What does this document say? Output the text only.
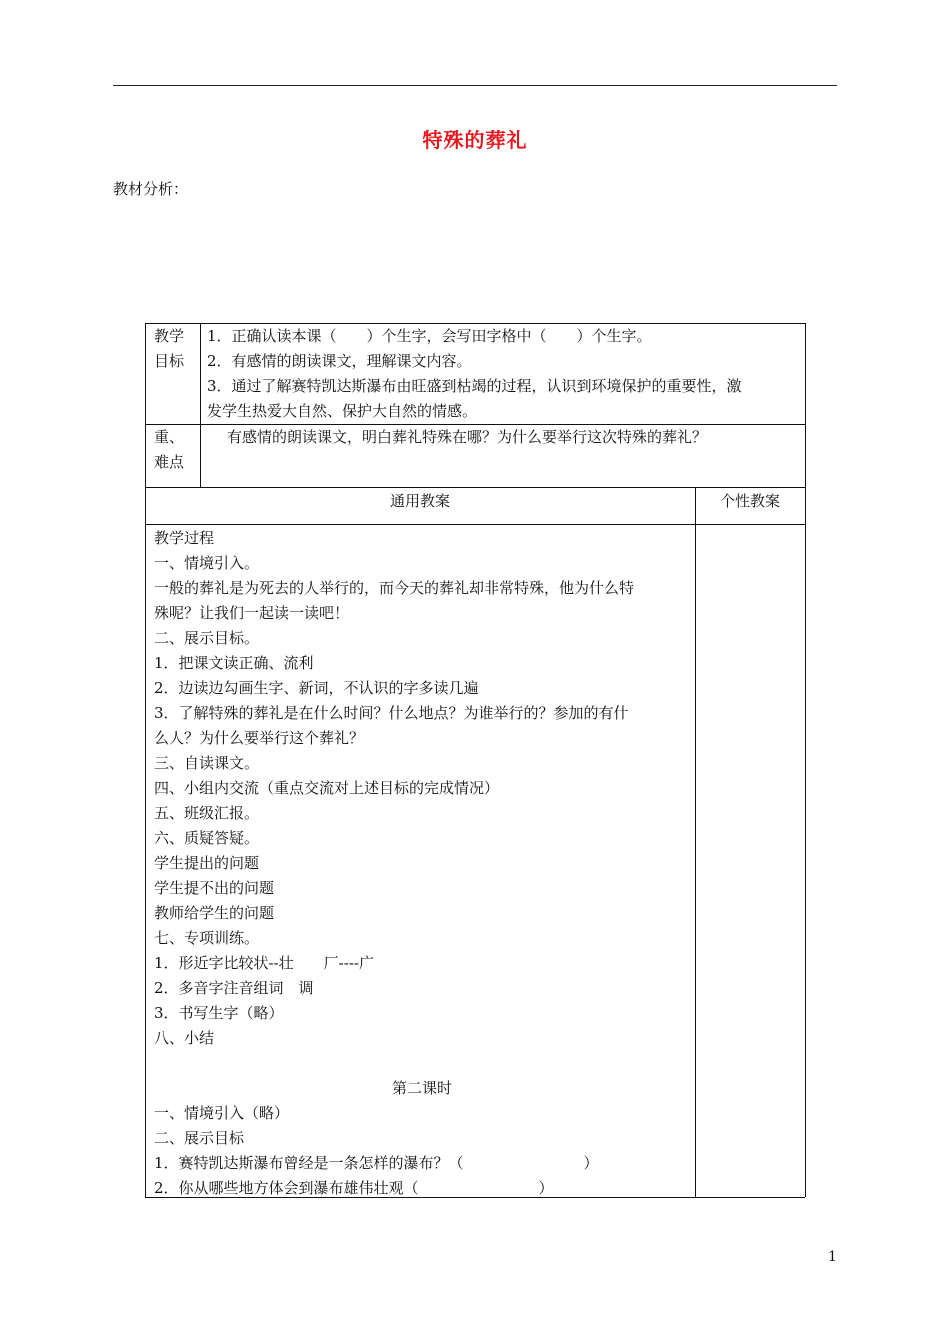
特殊的葬礼
教材分析：
教学
目标
1．正确认读本课（　　）个生字，会写田字格中（　　）个生字。
2．有感情的朗读课文，理解课文内容。
3．通过了解赛特凯达斯瀑布由旺盛到枯竭的过程，认识到环境保护的重要性，激
发学生热爱大自然、保护大自然的情感。
重、
难点
有感情的朗读课文，明白葬礼特殊在哪？为什么要举行这次特殊的葬礼？
通用教案	个性教案
教学过程
一、情境引入。
一般的葬礼是为死去的人举行的，而今天的葬礼却非常特殊，他为什么特
殊呢？让我们一起读一读吧！
二、展示目标。
1．把课文读正确、流利
2．边读边勾画生字、新词，不认识的字多读几遍
3．了解特殊的葬礼是在什么时间？什么地点？为谁举行的？参加的有什
么人？为什么要举行这个葬礼？
三、自读课文。
四、小组内交流（重点交流对上述目标的完成情况）
五、班级汇报。
六、质疑答疑。
学生提出的问题
学生提不出的问题
教师给学生的问题
七、专项训练。
1．形近字比较状--壮　　厂----广
2．多音字注音组词　调
3．书写生字（略）
八、小结
第二课时
一、情境引入（略）
二、展示目标
1．赛特凯达斯瀑布曾经是一条怎样的瀑布？（　　　　　　　　）
2．你从哪些地方体会到瀑布雄伟壮观（　　　　　　　　）
1
